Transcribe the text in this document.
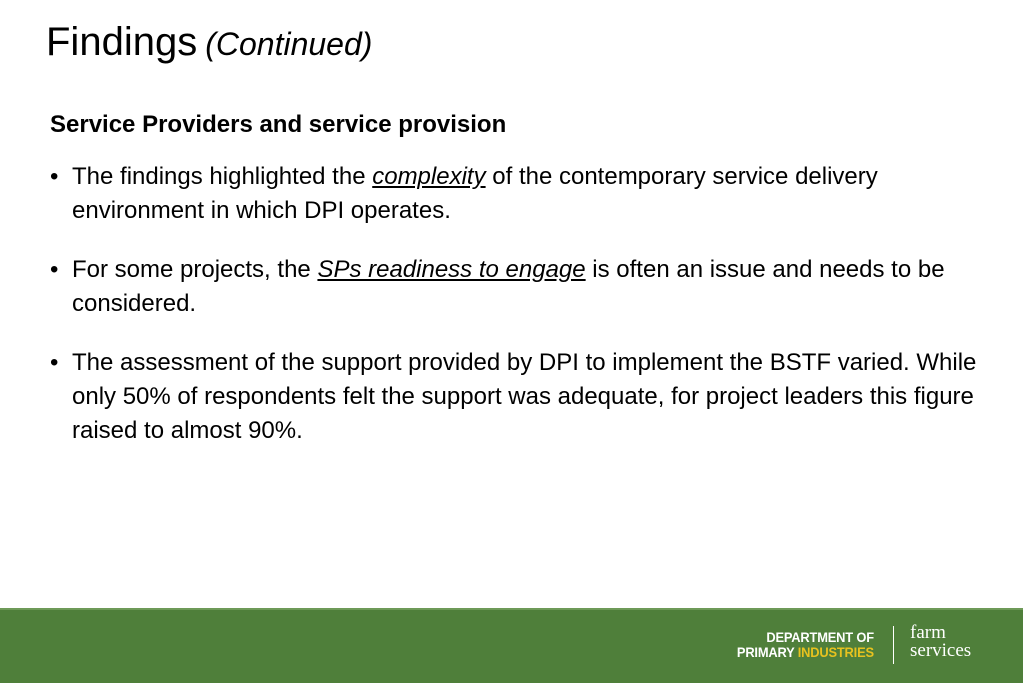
Findings (Continued)
Service Providers and service provision
• The findings highlighted the complexity of the contemporary service delivery environment in which DPI operates.
• For some projects, the SPs readiness to engage is often an issue and needs to be considered.
• The assessment of the support provided by DPI to implement the BSTF varied. While only 50% of respondents felt the support was adequate, for project leaders this figure raised to almost 90%.
DEPARTMENT OF
PRIMARY INDUSTRIES
farm
services
